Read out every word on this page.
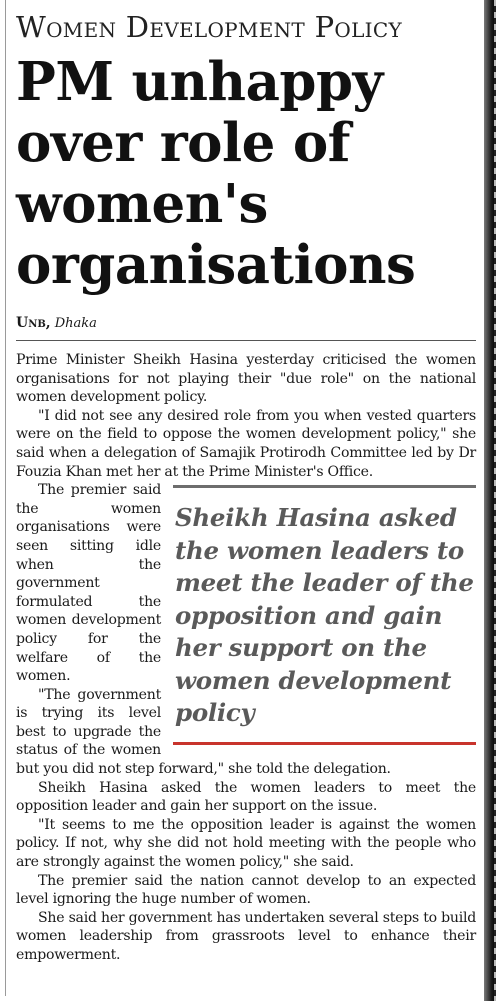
Women Development Policy
PM unhappy over role of women's organisations
Unb, Dhaka

Prime Minister Sheikh Hasina yesterday criticised the women organisations for not playing their "due role" on the national women development policy.

"I did not see any desired role from you when vested quarters were on the field to oppose the women development policy," she said when a delegation of Samajik Protirodh Committee led by Dr Fouzia Khan met her at the Prime Minister's Office.

Sheikh Hasina asked the women leaders to meet the leader of the opposition and gain her support on the women development policy

The premier said the women organisations were seen sitting idle when the government formulated the women development policy for the welfare of the women.

"The government is trying its level best to upgrade the status of the women but you did not step forward," she told the delegation.

Sheikh Hasina asked the women leaders to meet the opposition leader and gain her support on the issue.

"It seems to me the opposition leader is against the women policy. If not, why she did not hold meeting with the people who are strongly against the women policy," she said.

The premier said the nation cannot develop to an expected level ignoring the huge number of women.

She said her government has undertaken several steps to build women leadership from grassroots level to enhance their empowerment.
